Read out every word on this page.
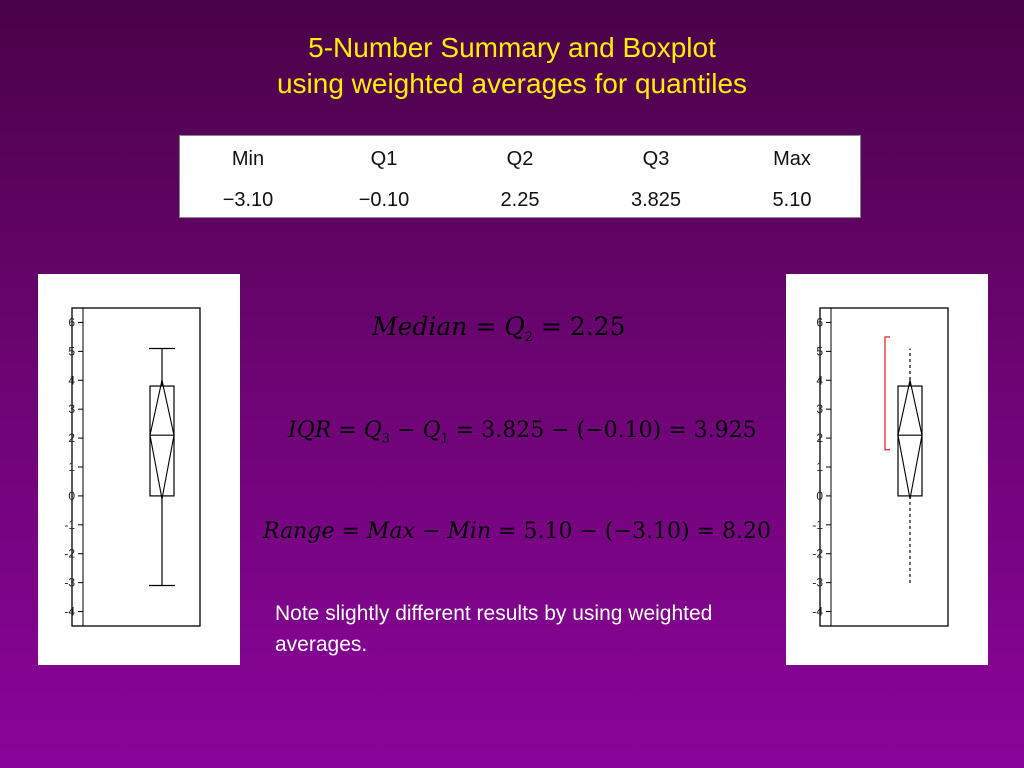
5-Number Summary and Boxplot
using weighted averages for quantiles
Min	Q1	Q2	Q3	Max
−3.10	−0.10	2.25	3.825	5.10
6
5
4
3
2
1
0
-1
-2
-3
-4
6
5
4
3
2
1
0
-1
-2
-3
-4
Median = $Q_2 = 2.25$
IQR = $Q_3 - Q_1 = 3.825 - (-0.10) = 3.925$
Range = Max − Min = 5.10 − (−3.10) = 8.20
Note slightly different results by using weighted averages.
